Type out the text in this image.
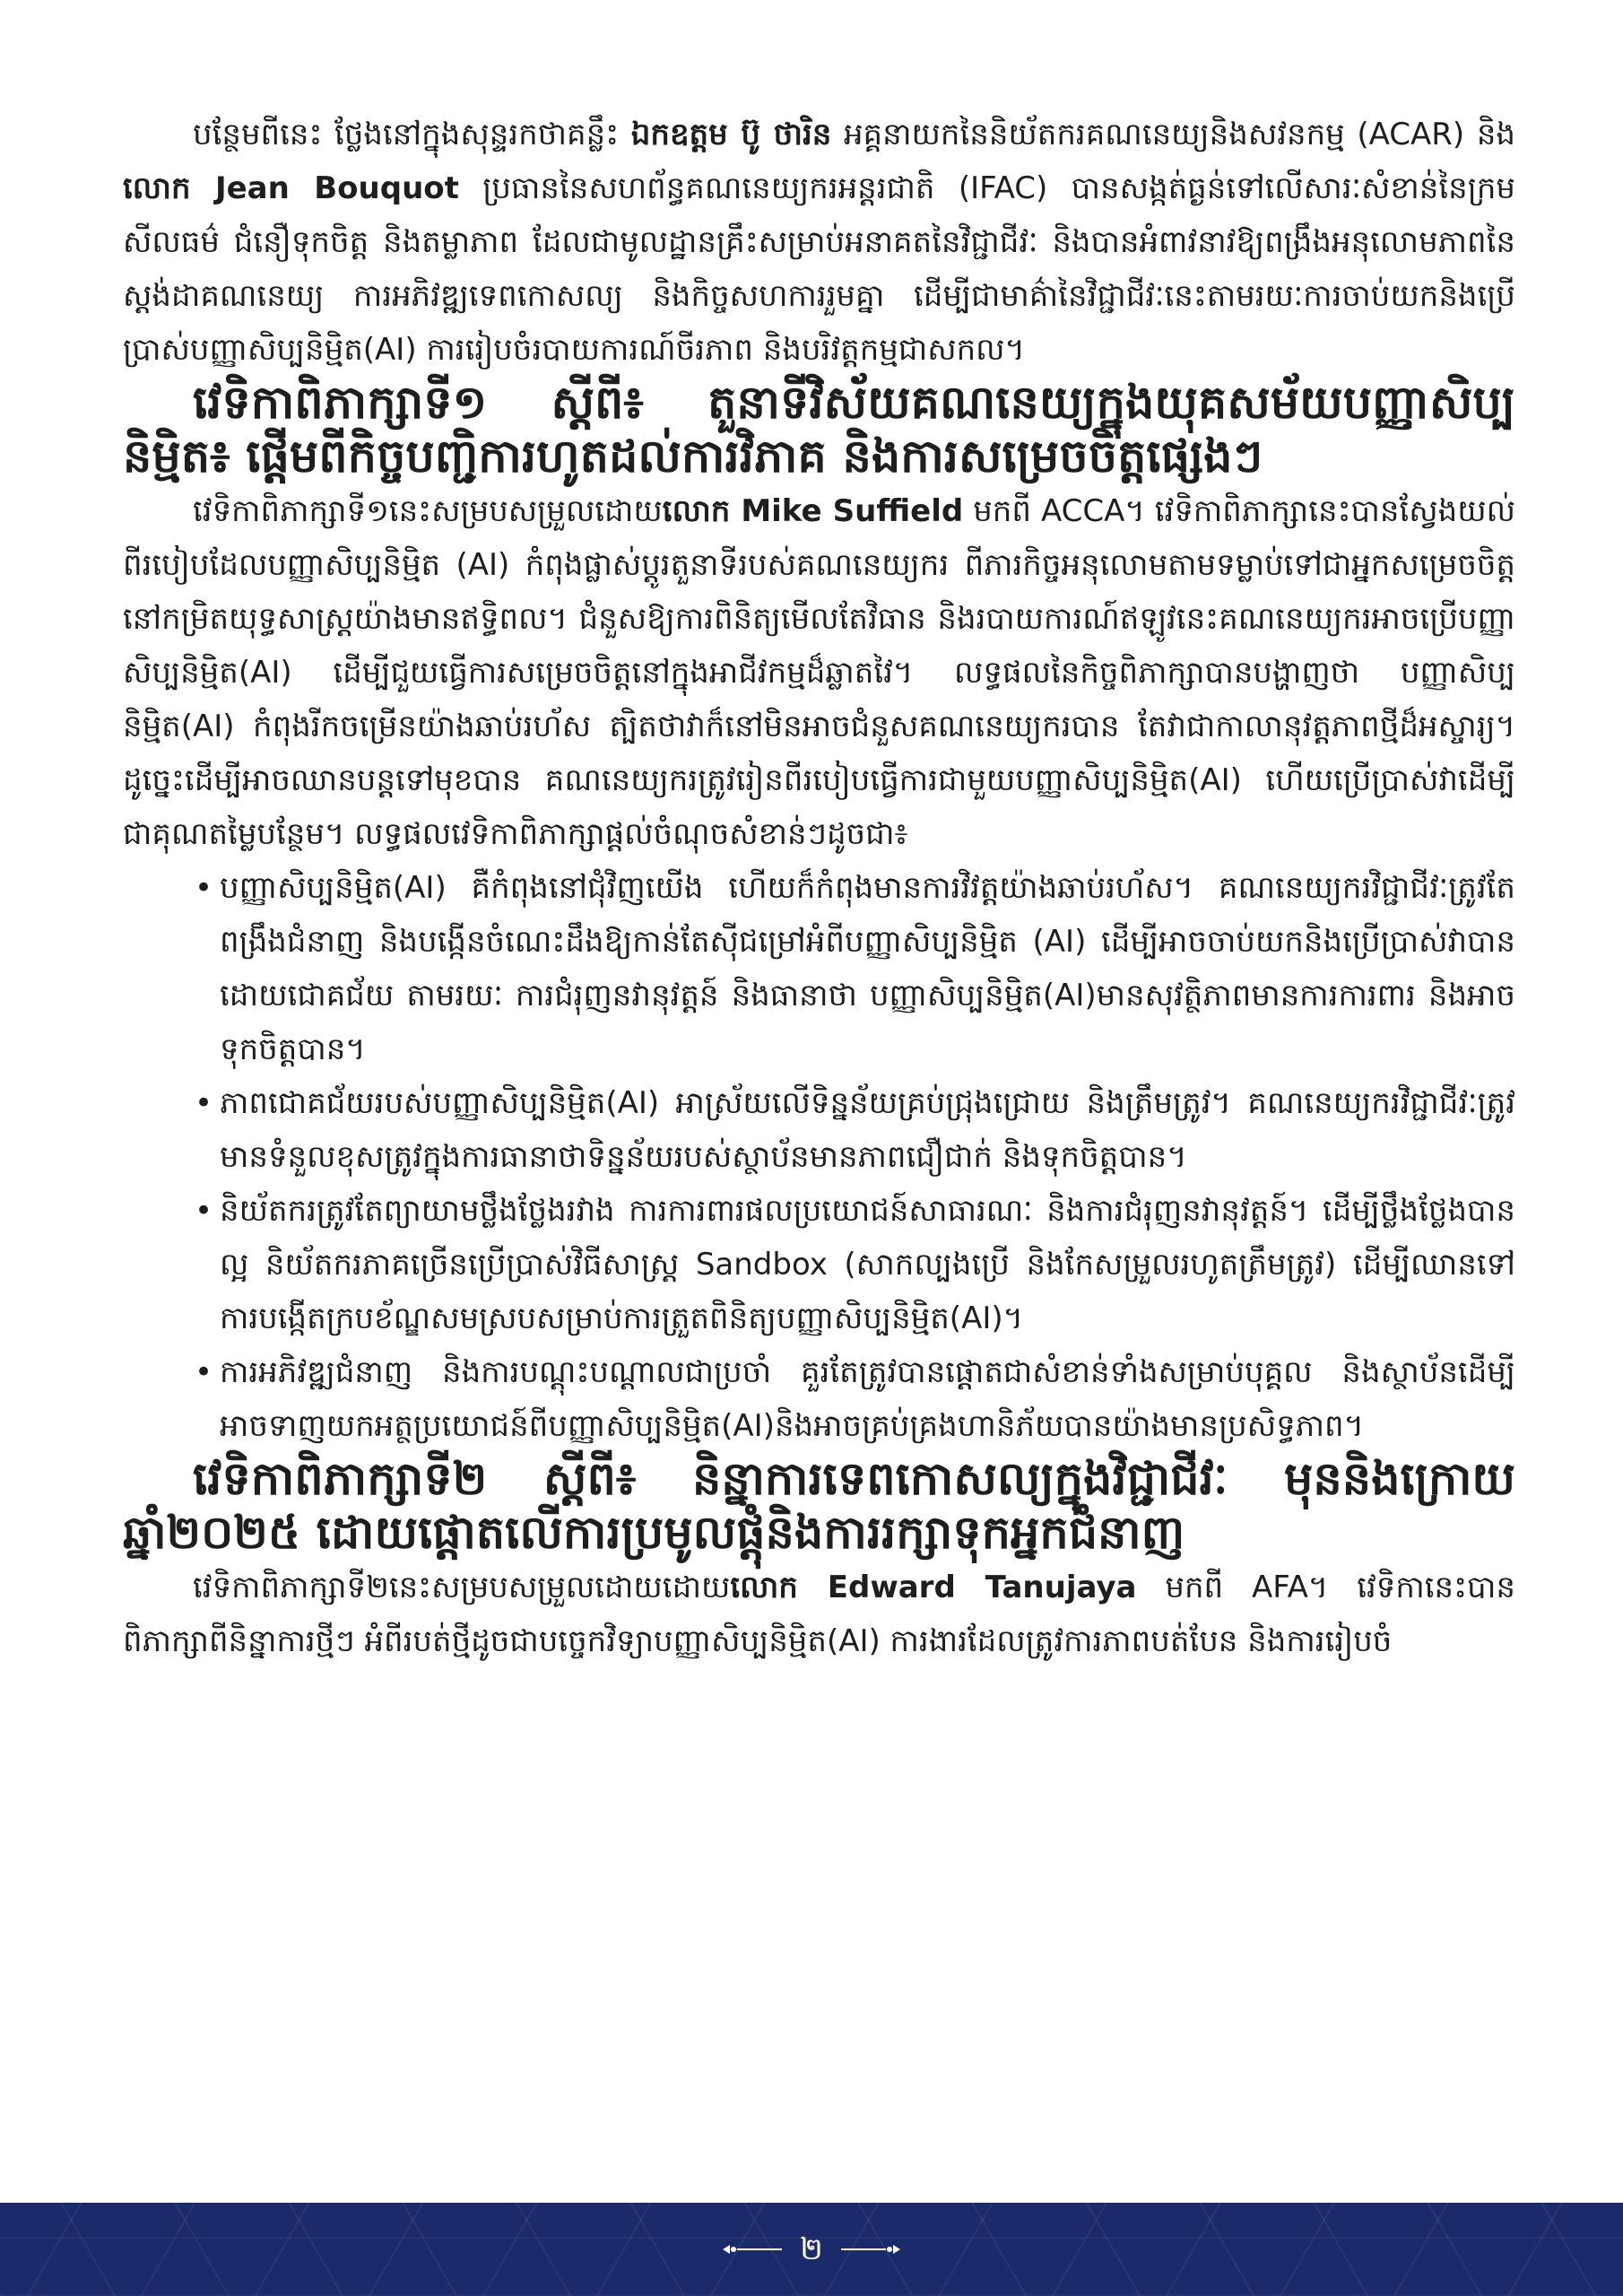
បន្ថែមពីនេះ ថ្លែងនៅក្នុងសុន្ទរកថាគន្លឹះ ឯកឧត្តម ប៊ូ ថារិន អគ្គនាយកនៃនិយ័តករគណនេយ្យនិងសវនកម្ម (ACAR) និងលោក Jean Bouquot ប្រធាននៃសហព័ន្ធគណនេយ្យករអន្តរជាតិ (IFAC) បានសង្កត់ធ្ងន់ទៅលើសារៈសំខាន់នៃក្រមសីលធម៌ ជំនឿទុកចិត្ត និងតម្លាភាព ដែលជាមូលដ្ឋានគ្រឹះសម្រាប់អនាគតនៃវិជ្ជាជីវៈ និងបានអំពាវនាវឱ្យពង្រឹងអនុលោមភាពនៃស្តង់ដាគណនេយ្យ ការអភិវឌ្ឍទេពកោសល្យ និងកិច្ចសហការរួមគ្នា ដើម្បីជាមាគ៌ានៃវិជ្ជាជីវៈនេះតាមរយៈការចាប់យកនិងប្រើប្រាស់បញ្ញាសិប្បនិម្មិត(AI) ការរៀបចំរបាយការណ៍ចីរភាព និងបរិវត្តកម្មជាសកល។

វេទិកាពិភាក្សាទី១ ស្តីពី៖ តួនាទីវិស័យគណនេយ្យក្នុងយុគសម័យបញ្ញាសិប្បនិម្មិត៖ ផ្តើមពីកិច្ចបញ្ជិការហូតដល់ការវិភាគ និងការសម្រេចចិត្តផ្សេងៗ

វេទិកាពិភាក្សាទី១នេះសម្របសម្រួលដោយលោក Mike Suffield មកពី ACCA។ វេទិកាពិភាក្សានេះបានស្វែងយល់ពីរបៀបដែលបញ្ញាសិប្បនិម្មិត (AI) កំពុងផ្លាស់ប្តូរតួនាទីរបស់គណនេយ្យករ ពីភារកិច្ចអនុលោមតាមទម្លាប់ទៅជាអ្នកសម្រេចចិត្តនៅកម្រិតយុទ្ធសាស្ត្រយ៉ាងមានឥទ្ធិពល។ ជំនួសឱ្យការពិនិត្យមើលតែវិធាន និងរបាយការណ៍ឥឡូវនេះគណនេយ្យករអាចប្រើបញ្ញាសិប្បនិម្មិត(AI) ដើម្បីជួយធ្វើការសម្រេចចិត្តនៅក្នុងអាជីវកម្មដ៏ឆ្លាតវៃ។ លទ្ធផលនៃកិច្ចពិភាក្សាបានបង្ហាញថា បញ្ញាសិប្បនិម្មិត(AI) កំពុងរីកចម្រើនយ៉ាងឆាប់រហ័ស ត្បិតថាវាក៏នៅមិនអាចជំនួសគណនេយ្យករបាន តែវាជាកាលានុវត្តភាពថ្មីដ៏អស្ចារ្យ។ ដូច្នេះដើម្បីអាចឈានបន្តទៅមុខបាន គណនេយ្យករត្រូវរៀនពីរបៀបធ្វើការជាមួយបញ្ញាសិប្បនិម្មិត(AI) ហើយប្រើប្រាស់វាដើម្បីជាគុណតម្លៃបន្ថែម។ លទ្ធផលវេទិកាពិភាក្សាផ្តល់ចំណុចសំខាន់ៗដូចជា៖

• បញ្ញាសិប្បនិម្មិត(AI) គឺកំពុងនៅជុំវិញយើង ហើយក៏កំពុងមានការវិវត្តយ៉ាងឆាប់រហ័ស។ គណនេយ្យករវិជ្ជាជីវៈត្រូវតែពង្រឹងជំនាញ និងបង្កើនចំណេះដឹងឱ្យកាន់តែស៊ីជម្រៅអំពីបញ្ញាសិប្បនិម្មិត (AI) ដើម្បីអាចចាប់យកនិងប្រើប្រាស់វាបានដោយជោគជ័យ តាមរយៈ ការជំរុញនវានុវត្តន៍ និងធានាថា បញ្ញាសិប្បនិម្មិត(AI)មានសុវត្ថិភាពមានការការពារ និងអាចទុកចិត្តបាន។
• ភាពជោគជ័យរបស់បញ្ញាសិប្បនិម្មិត(AI) អាស្រ័យលើទិន្នន័យគ្រប់ជ្រុងជ្រោយ និងត្រឹមត្រូវ។ គណនេយ្យករវិជ្ជាជីវៈត្រូវមានទំនួលខុសត្រូវក្នុងការធានាថាទិន្នន័យរបស់ស្ថាប័នមានភាពជឿជាក់ និងទុកចិត្តបាន។
• និយ័តករត្រូវតែព្យាយាមថ្លឹងថ្លែងរវាង ការការពារផលប្រយោជន៍សាធារណៈ និងការជំរុញនវានុវត្តន៍។ ដើម្បីថ្លឹងថ្លែងបានល្អ និយ័តករភាគច្រើនប្រើប្រាស់វិធីសាស្ត្រ Sandbox (សាកល្បងប្រើ និងកែសម្រួលរហូតត្រឹមត្រូវ) ដើម្បីឈានទៅការបង្កើតក្របខ័ណ្ឌសមស្របសម្រាប់ការត្រួតពិនិត្យបញ្ញាសិប្បនិម្មិត(AI)។
• ការអភិវឌ្ឍជំនាញ និងការបណ្តុះបណ្តាលជាប្រចាំ គួរតែត្រូវបានផ្តោតជាសំខាន់ទាំងសម្រាប់បុគ្គល និងស្ថាប័នដើម្បីអាចទាញយកអត្ថប្រយោជន៍ពីបញ្ញាសិប្បនិម្មិត(AI)និងអាចគ្រប់គ្រងហានិភ័យបានយ៉ាងមានប្រសិទ្ធភាព។
វេទិកាពិភាក្សាទី២ ស្តីពី៖ និន្នាការទេពកោសល្យក្នុងវិជ្ជាជីវៈ មុននិងក្រោយឆ្នាំ២០២៥ ដោយផ្តោតលើការប្រមូលផ្តុំនិងការរក្សាទុកអ្នកជំនាញ

វេទិកាពិភាក្សាទី២នេះសម្របសម្រួលដោយដោយលោក Edward Tanujaya មកពី AFA។ វេទិកានេះបានពិភាក្សាពីនិន្នាការថ្មីៗ អំពីរបត់ថ្មីដូចជាបច្ចេកវិទ្យាបញ្ញាសិប្បនិម្មិត(AI) ការងារដែលត្រូវការភាពបត់បែន និងការរៀបចំ

២
